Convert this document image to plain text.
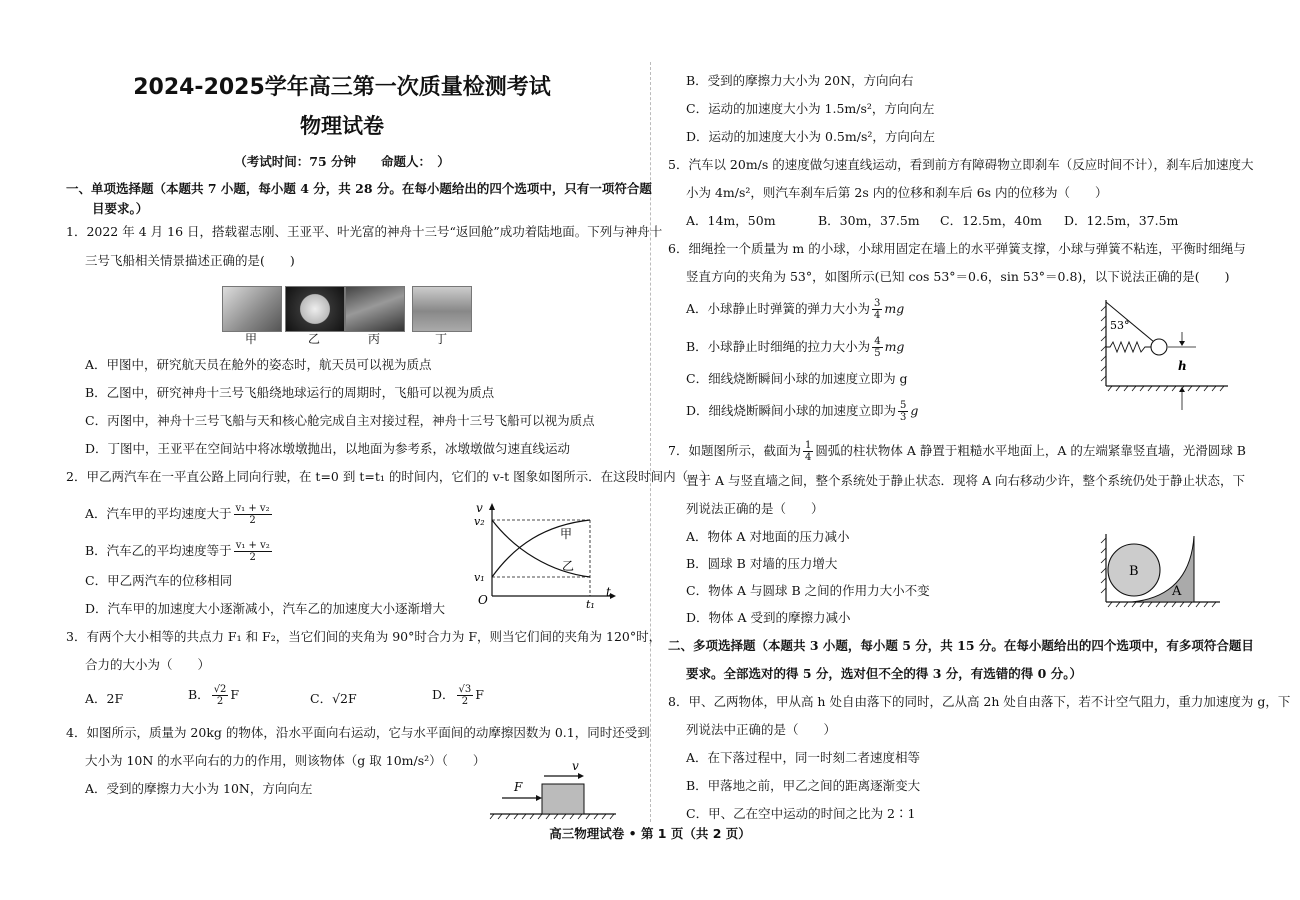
2024-2025学年高三第一次质量检测考试
物理试卷
（考试时间：75 分钟　　命题人：　）
一、单项选择题（本题共 7 小题，每小题 4 分，共 28 分。在每小题给出的四个选项中，只有一项符合题
目要求。）
1．2022 年 4 月 16 日，搭载翟志刚、王亚平、叶光富的神舟十三号“返回舱”成功着陆地面。下列与神舟十
三号飞船相关情景描述正确的是(　　)
甲	乙	丙	丁
A．甲图中，研究航天员在舱外的姿态时，航天员可以视为质点
B．乙图中，研究神舟十三号飞船绕地球运行的周期时，飞船可以视为质点
C．丙图中，神舟十三号飞船与天和核心舱完成自主对接过程，神舟十三号飞船可以视为质点
D．丁图中，王亚平在空间站中将冰墩墩抛出，以地面为参考系，冰墩墩做匀速直线运动
2．甲乙两汽车在一平直公路上同向行驶，在 t=0 到 t=t₁ 的时间内，它们的 v-t 图象如图所示．在这段时间内（　）
A．汽车甲的平均速度大于 $\frac{\text{v₁ + v₂}}{2}$
B．汽车乙的平均速度等于 $\frac{\text{v₁ + v₂}}{2}$
C．甲乙两汽车的位移相同
D．汽车甲的加速度大小逐渐减小，汽车乙的加速度大小逐渐增大
v
v₂
v₁
O	t₁
t
甲
乙
3．有两个大小相等的共点力 F₁ 和 F₂，当它们间的夹角为 90°时合力为 F，则当它们间的夹角为 120°时，
合力的大小为（　　）
A．2F	B． $\frac{√2}{2}$ F	C．√2F	D． $\frac{√3}{2}$ F
4．如图所示，质量为 20kg 的物体，沿水平面向右运动，它与水平面间的动摩擦因数为 0.1，同时还受到
大小为 10N 的水平向右的力的作用，则该物体（g 取 10m/s²）（　　）
A．受到的摩擦力大小为 10N，方向向左	F
v
B．受到的摩擦力大小为 20N，方向向右
C．运动的加速度大小为 1.5m/s²，方向向左
D．运动的加速度大小为 0.5m/s²，方向向左
5．汽车以 20m/s 的速度做匀速直线运动，看到前方有障碍物立即刹车（反应时间不计），刹车后加速度大
小为 4m/s²，则汽车刹车后第 2s 内的位移和刹车后 6s 内的位移为（　　）
A．14m，50m	B．30m，37.5m C．12.5m，40m D．12.5m，37.5m
6．细绳拴一个质量为 m 的小球，小球用固定在墙上的水平弹簧支撑，小球与弹簧不粘连，平衡时细绳与
竖直方向的夹角为 53°，如图所示(已知 cos 53°＝0.6，sin 53°＝0.8)，以下说法正确的是(　　)
A．小球静止时弹簧的弹力大小为 $\frac{3}{4}$ mg
B．小球静止时细绳的拉力大小为 $\frac{4}{5}$ mg
C．细线烧断瞬间小球的加速度立即为 g
D．细线烧断瞬间小球的加速度立即为 $\frac{5}{3}$ g
53°
h
7．如题图所示，截面为 $\frac{1}{4}$ 圆弧的柱状物体 A 静置于粗糙水平地面上，A 的左端紧靠竖直墙，光滑圆球 B
置于 A 与竖直墙之间，整个系统处于静止状态．现将 A 向右移动少许，整个系统仍处于静止状态，下
列说法正确的是（　　）
A．物体 A 对地面的压力减小
B．圆球 B 对墙的压力增大
C．物体 A 与圆球 B 之间的作用力大小不变
D．物体 A 受到的摩擦力减小
B
A
二、多项选择题（本题共 3 小题，每小题 5 分，共 15 分。在每小题给出的四个选项中，有多项符合题目
要求。全部选对的得 5 分，选对但不全的得 3 分，有选错的得 0 分。）
8．甲、乙两物体，甲从高 h 处自由落下的同时，乙从高 2h 处自由落下，若不计空气阻力，重力加速度为 g，下
列说法中正确的是（　　）
A．在下落过程中，同一时刻二者速度相等
B．甲落地之前，甲乙之间的距离逐渐变大
C．甲、乙在空中运动的时间之比为 2∶1
高三物理试卷 • 第 1 页（共 2 页）
